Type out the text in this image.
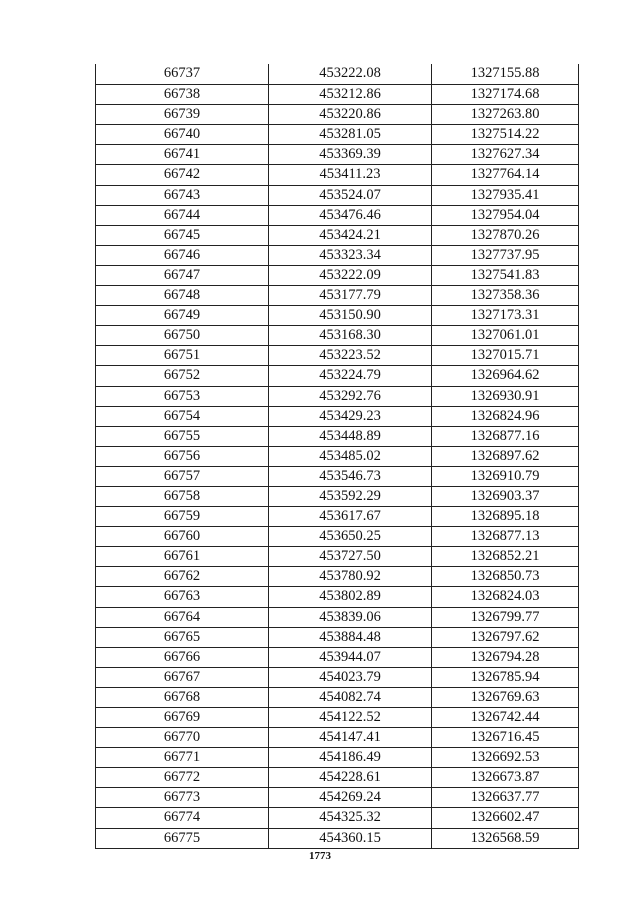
66737	453222.08	1327155.88
66738	453212.86	1327174.68
66739	453220.86	1327263.80
66740	453281.05	1327514.22
66741	453369.39	1327627.34
66742	453411.23	1327764.14
66743	453524.07	1327935.41
66744	453476.46	1327954.04
66745	453424.21	1327870.26
66746	453323.34	1327737.95
66747	453222.09	1327541.83
66748	453177.79	1327358.36
66749	453150.90	1327173.31
66750	453168.30	1327061.01
66751	453223.52	1327015.71
66752	453224.79	1326964.62
66753	453292.76	1326930.91
66754	453429.23	1326824.96
66755	453448.89	1326877.16
66756	453485.02	1326897.62
66757	453546.73	1326910.79
66758	453592.29	1326903.37
66759	453617.67	1326895.18
66760	453650.25	1326877.13
66761	453727.50	1326852.21
66762	453780.92	1326850.73
66763	453802.89	1326824.03
66764	453839.06	1326799.77
66765	453884.48	1326797.62
66766	453944.07	1326794.28
66767	454023.79	1326785.94
66768	454082.74	1326769.63
66769	454122.52	1326742.44
66770	454147.41	1326716.45
66771	454186.49	1326692.53
66772	454228.61	1326673.87
66773	454269.24	1326637.77
66774	454325.32	1326602.47
66775	454360.15	1326568.59
1773
